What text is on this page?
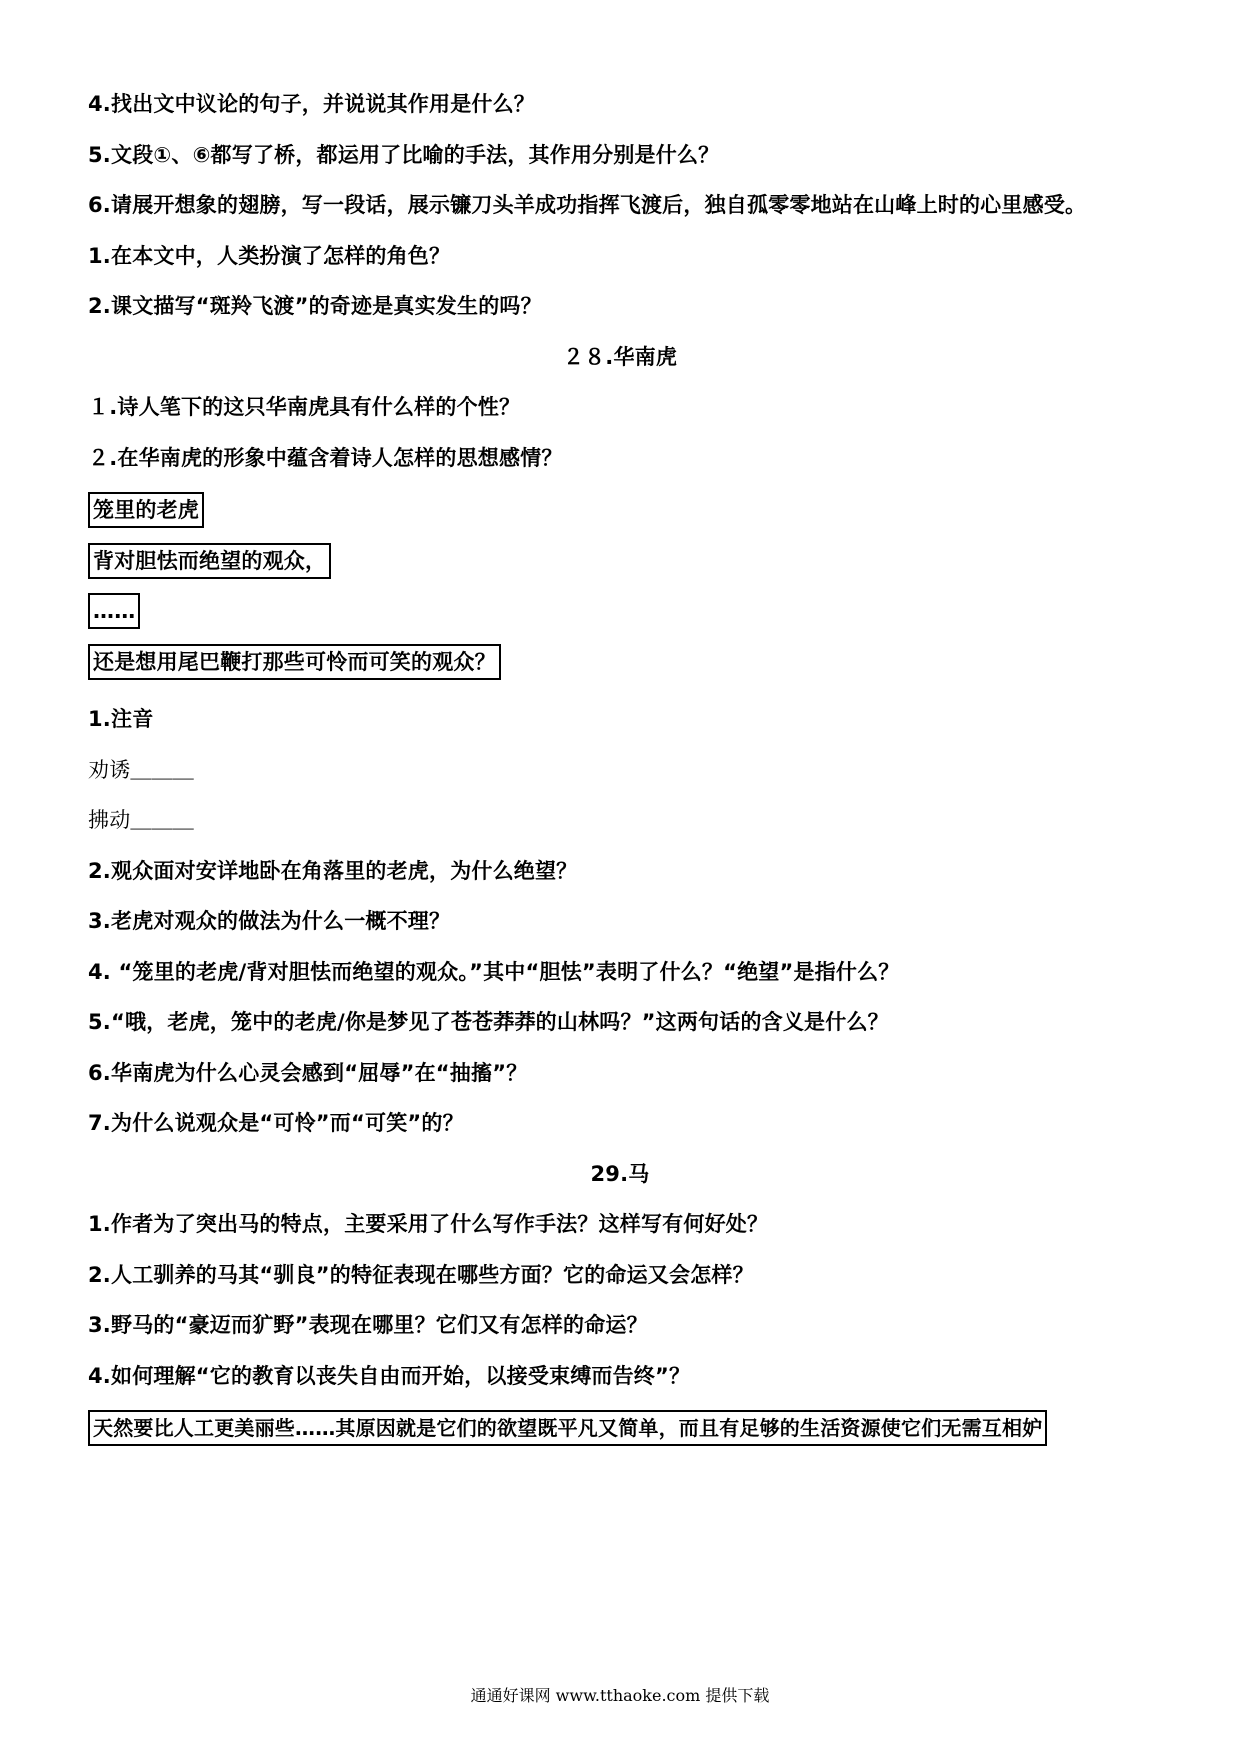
4.找出文中议论的句子，并说说其作用是什么？
5.文段①、⑥都写了桥，都运用了比喻的手法，其作用分别是什么？
6.请展开想象的翅膀，写一段话，展示镰刀头羊成功指挥飞渡后，独自孤零零地站在山峰上时的心里感受。
1.在本文中，人类扮演了怎样的角色？
2.课文描写“斑羚飞渡”的奇迹是真实发生的吗？
２８.华南虎
１.诗人笔下的这只华南虎具有什么样的个性？
２.在华南虎的形象中蕴含着诗人怎样的思想感情？
笼里的老虎
背对胆怯而绝望的观众，
……
还是想用尾巴鞭打那些可怜而可笑的观众？
1.注音
劝诱＿＿＿
拂动＿＿＿
2.观众面对安详地卧在角落里的老虎，为什么绝望？
3.老虎对观众的做法为什么一概不理？
4. “笼里的老虎/背对胆怯而绝望的观众。”其中“胆怯”表明了什么？“绝望”是指什么？
5.“哦，老虎，笼中的老虎/你是梦见了苍苍莽莽的山林吗？”这两句话的含义是什么？
6.华南虎为什么心灵会感到“屈辱”在“抽搐”？
7.为什么说观众是“可怜”而“可笑”的？
29.马
1.作者为了突出马的特点，主要采用了什么写作手法？这样写有何好处？
2.人工驯养的马其“驯良”的特征表现在哪些方面？它的命运又会怎样？
3.野马的“豪迈而犷野”表现在哪里？它们又有怎样的命运？
4.如何理解“它的教育以丧失自由而开始，以接受束缚而告终”？
天然要比人工更美丽些……其原因就是它们的欲望既平凡又简单，而且有足够的生活资源使它们无需互相妒
通通好课网 www.tthaoke.com 提供下载
